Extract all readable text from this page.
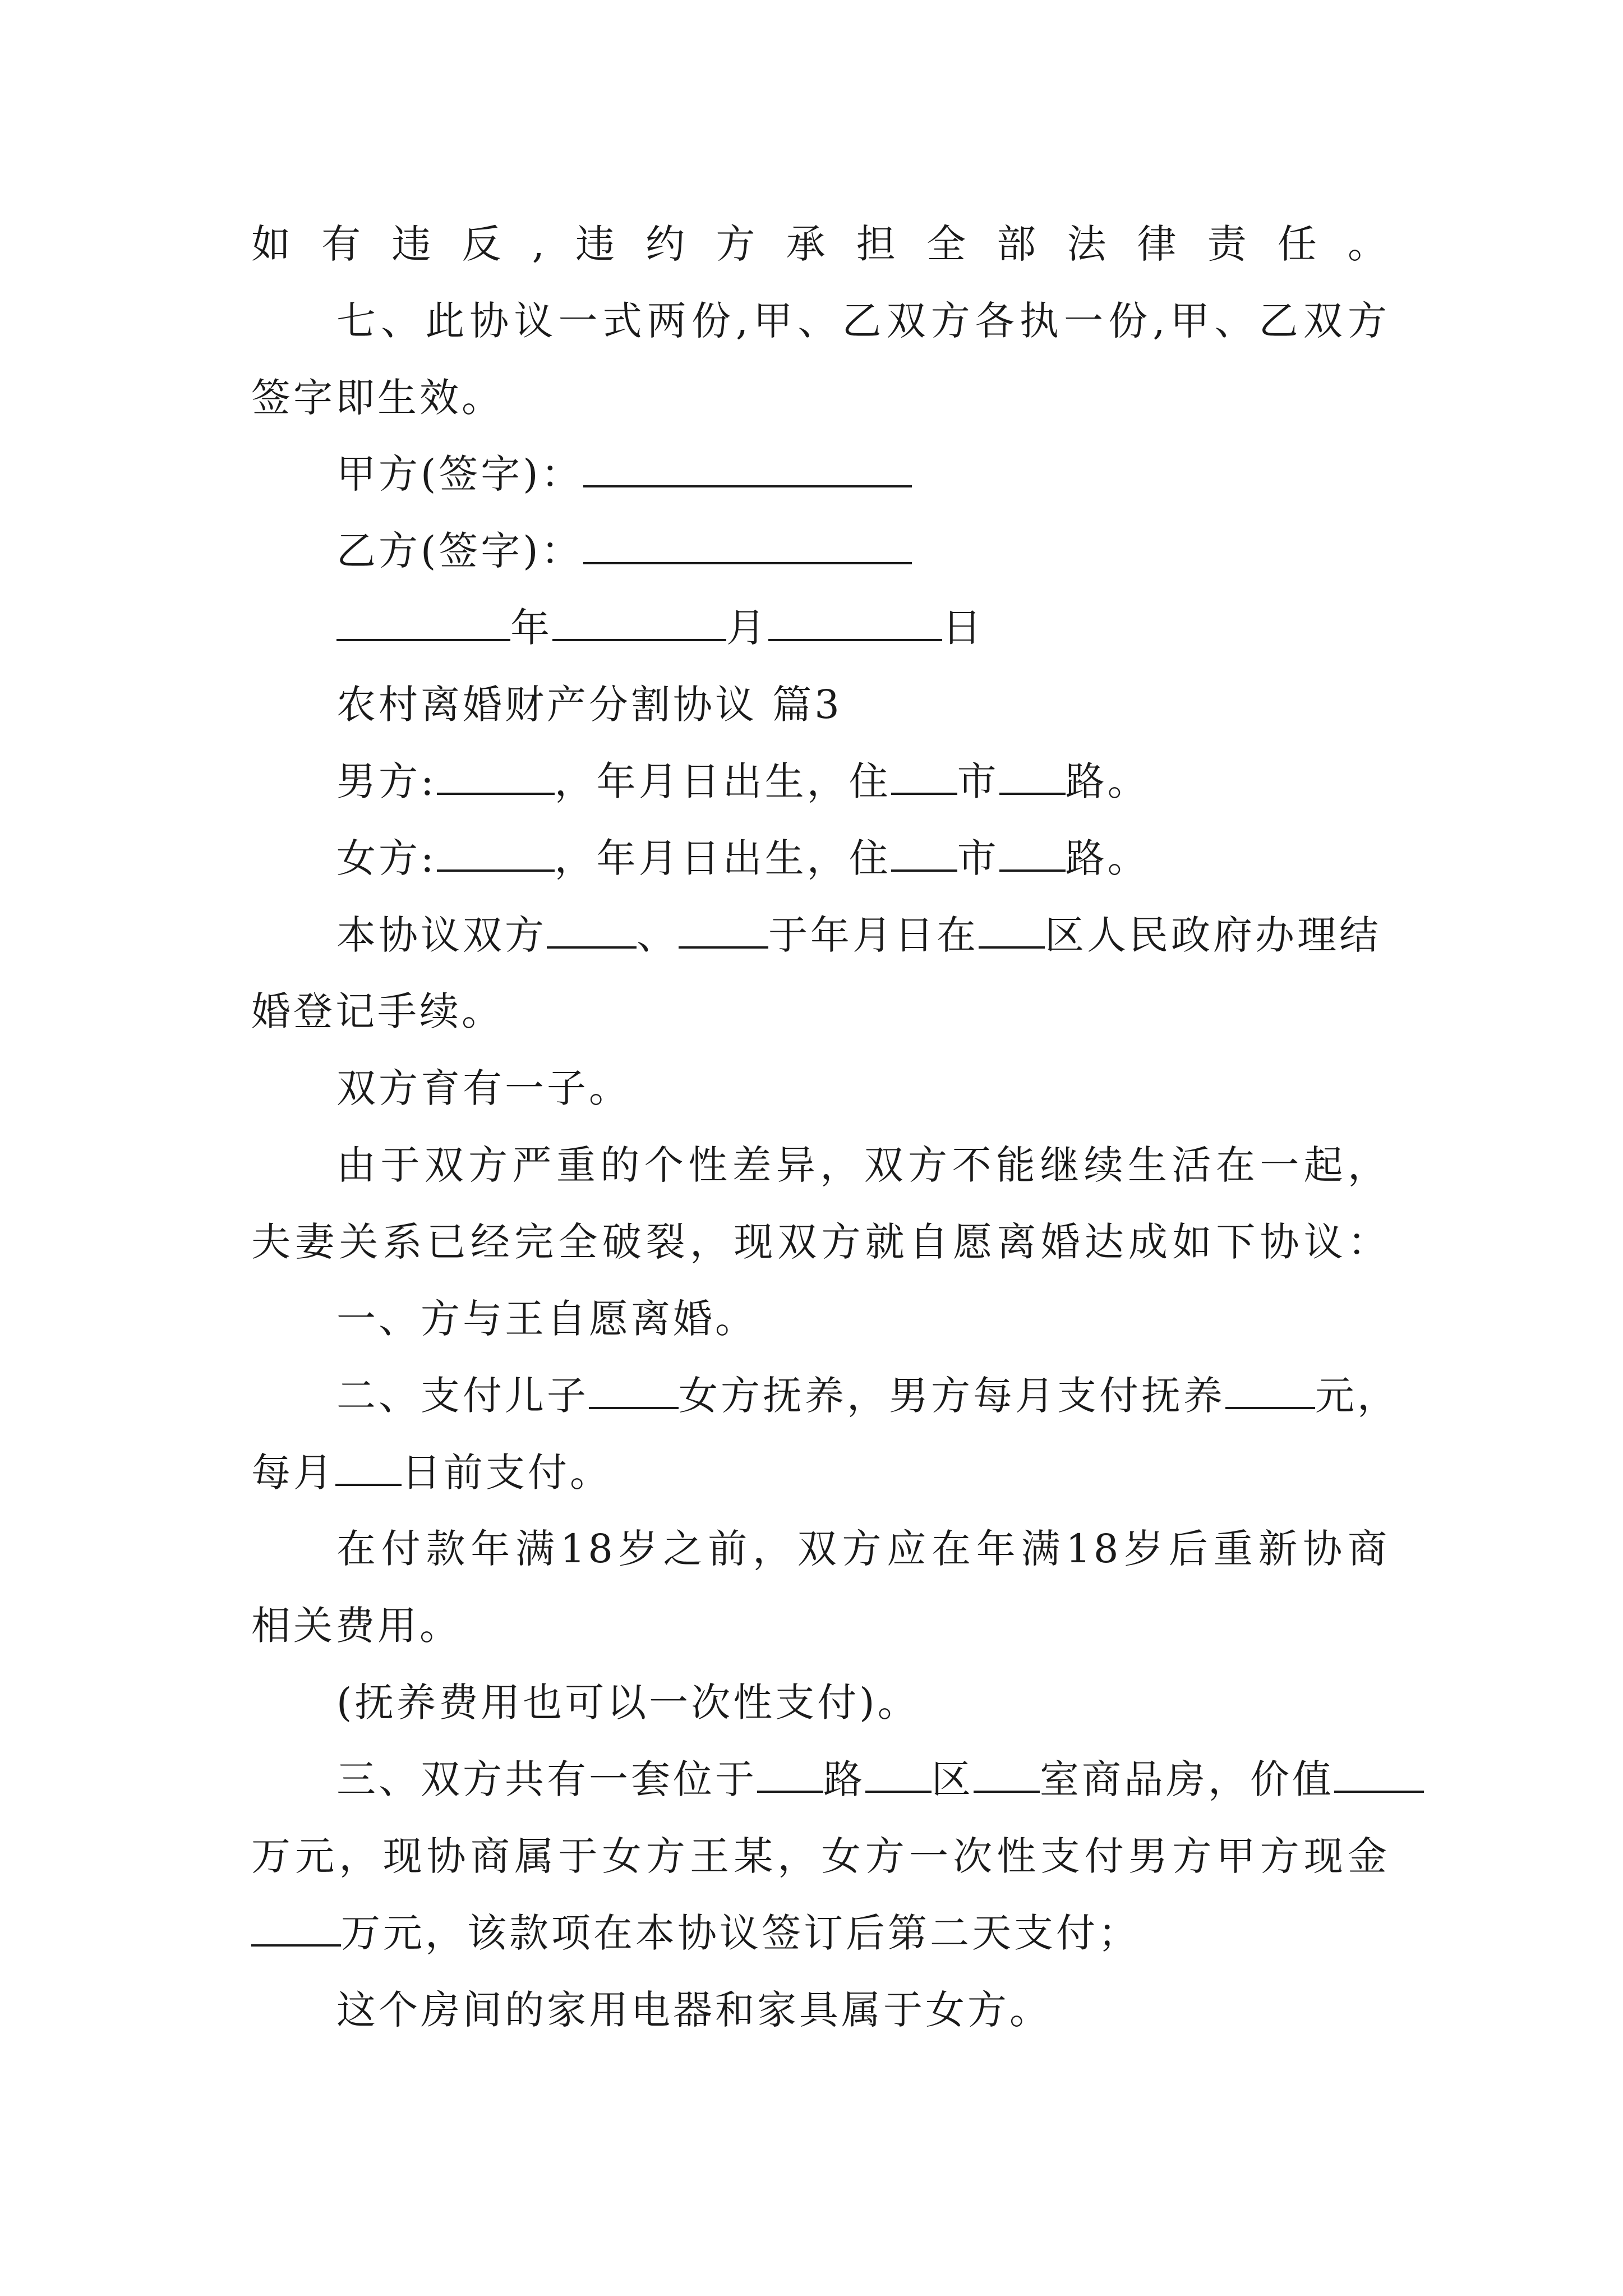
如有违反,违约方承担全部法律责任。
七、此协议一式两份,甲、乙双方各执一份,甲、乙双方
签字即生效。
甲方(签字)：
乙方(签字)：
年	月	日
农村离婚财产分割协议 篇3
男方:	，年月日出生，住 市 路。
女方:	，年月日出生，住 市 路。
本协议双方 、 于年月日在 区人民政府办理结
婚登记手续。
双方育有一子。
由于双方严重的个性差异，双方不能继续生活在一起，
夫妻关系已经完全破裂，现双方就自愿离婚达成如下协议：
一、方与王自愿离婚。
二、支付儿子 女方抚养，男方每月支付抚养 元，
每月 日前支付。
在付款年满18岁之前，双方应在年满18岁后重新协商
相关费用。
(抚养费用也可以一次性支付)。
三、双方共有一套位于 路 区 室商品房，价值
万元，现协商属于女方王某，女方一次性支付男方甲方现金
万元，该款项在本协议签订后第二天支付；
这个房间的家用电器和家具属于女方。
